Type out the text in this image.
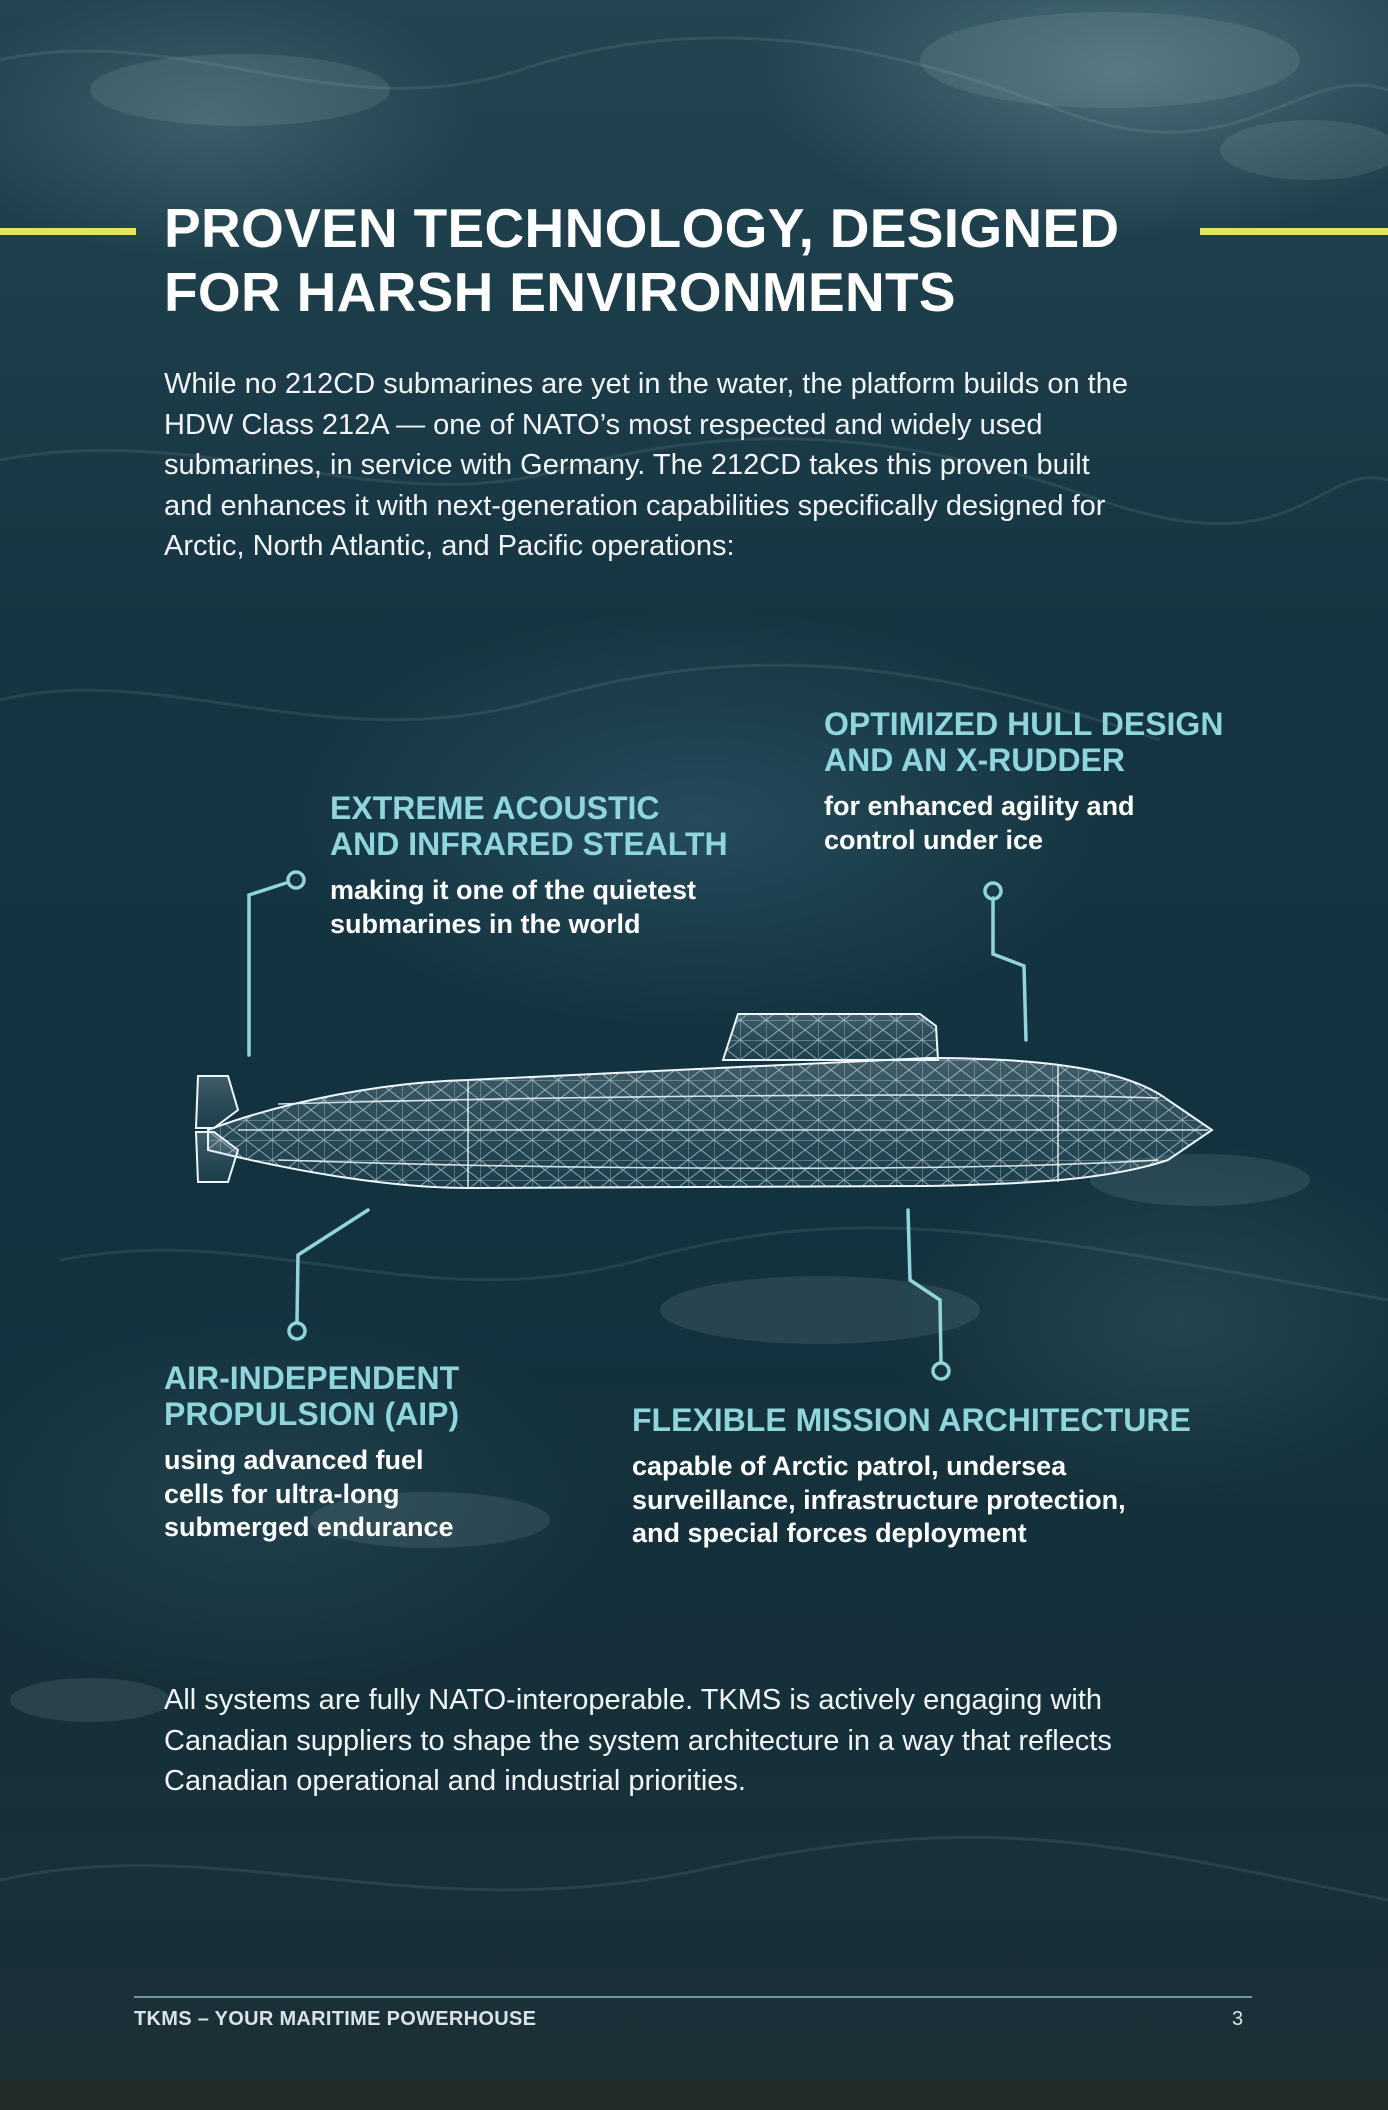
PROVEN TECHNOLOGY, DESIGNED
FOR HARSH ENVIRONMENTS

While no 212CD submarines are yet in the water, the platform builds on the
HDW Class 212A — one of NATO’s most respected and widely used
submarines, in service with Germany. The 212CD takes this proven built
and enhances it with next-generation capabilities specifically designed for
Arctic, North Atlantic, and Pacific operations:

OPTIMIZED HULL DESIGN
AND AN X-RUDDER

for enhanced agility and
control under ice

EXTREME ACOUSTIC
AND INFRARED STEALTH

making it one of the quietest
submarines in the world

AIR-INDEPENDENT
PROPULSION (AIP)

using advanced fuel
cells for ultra-long
submerged endurance

FLEXIBLE MISSION ARCHITECTURE

capable of Arctic patrol, undersea
surveillance, infrastructure protection,
and special forces deployment

All systems are fully NATO-interoperable. TKMS is actively engaging with
Canadian suppliers to shape the system architecture in a way that reflects
Canadian operational and industrial priorities.

TKMS – YOUR MARITIME POWERHOUSE	3
